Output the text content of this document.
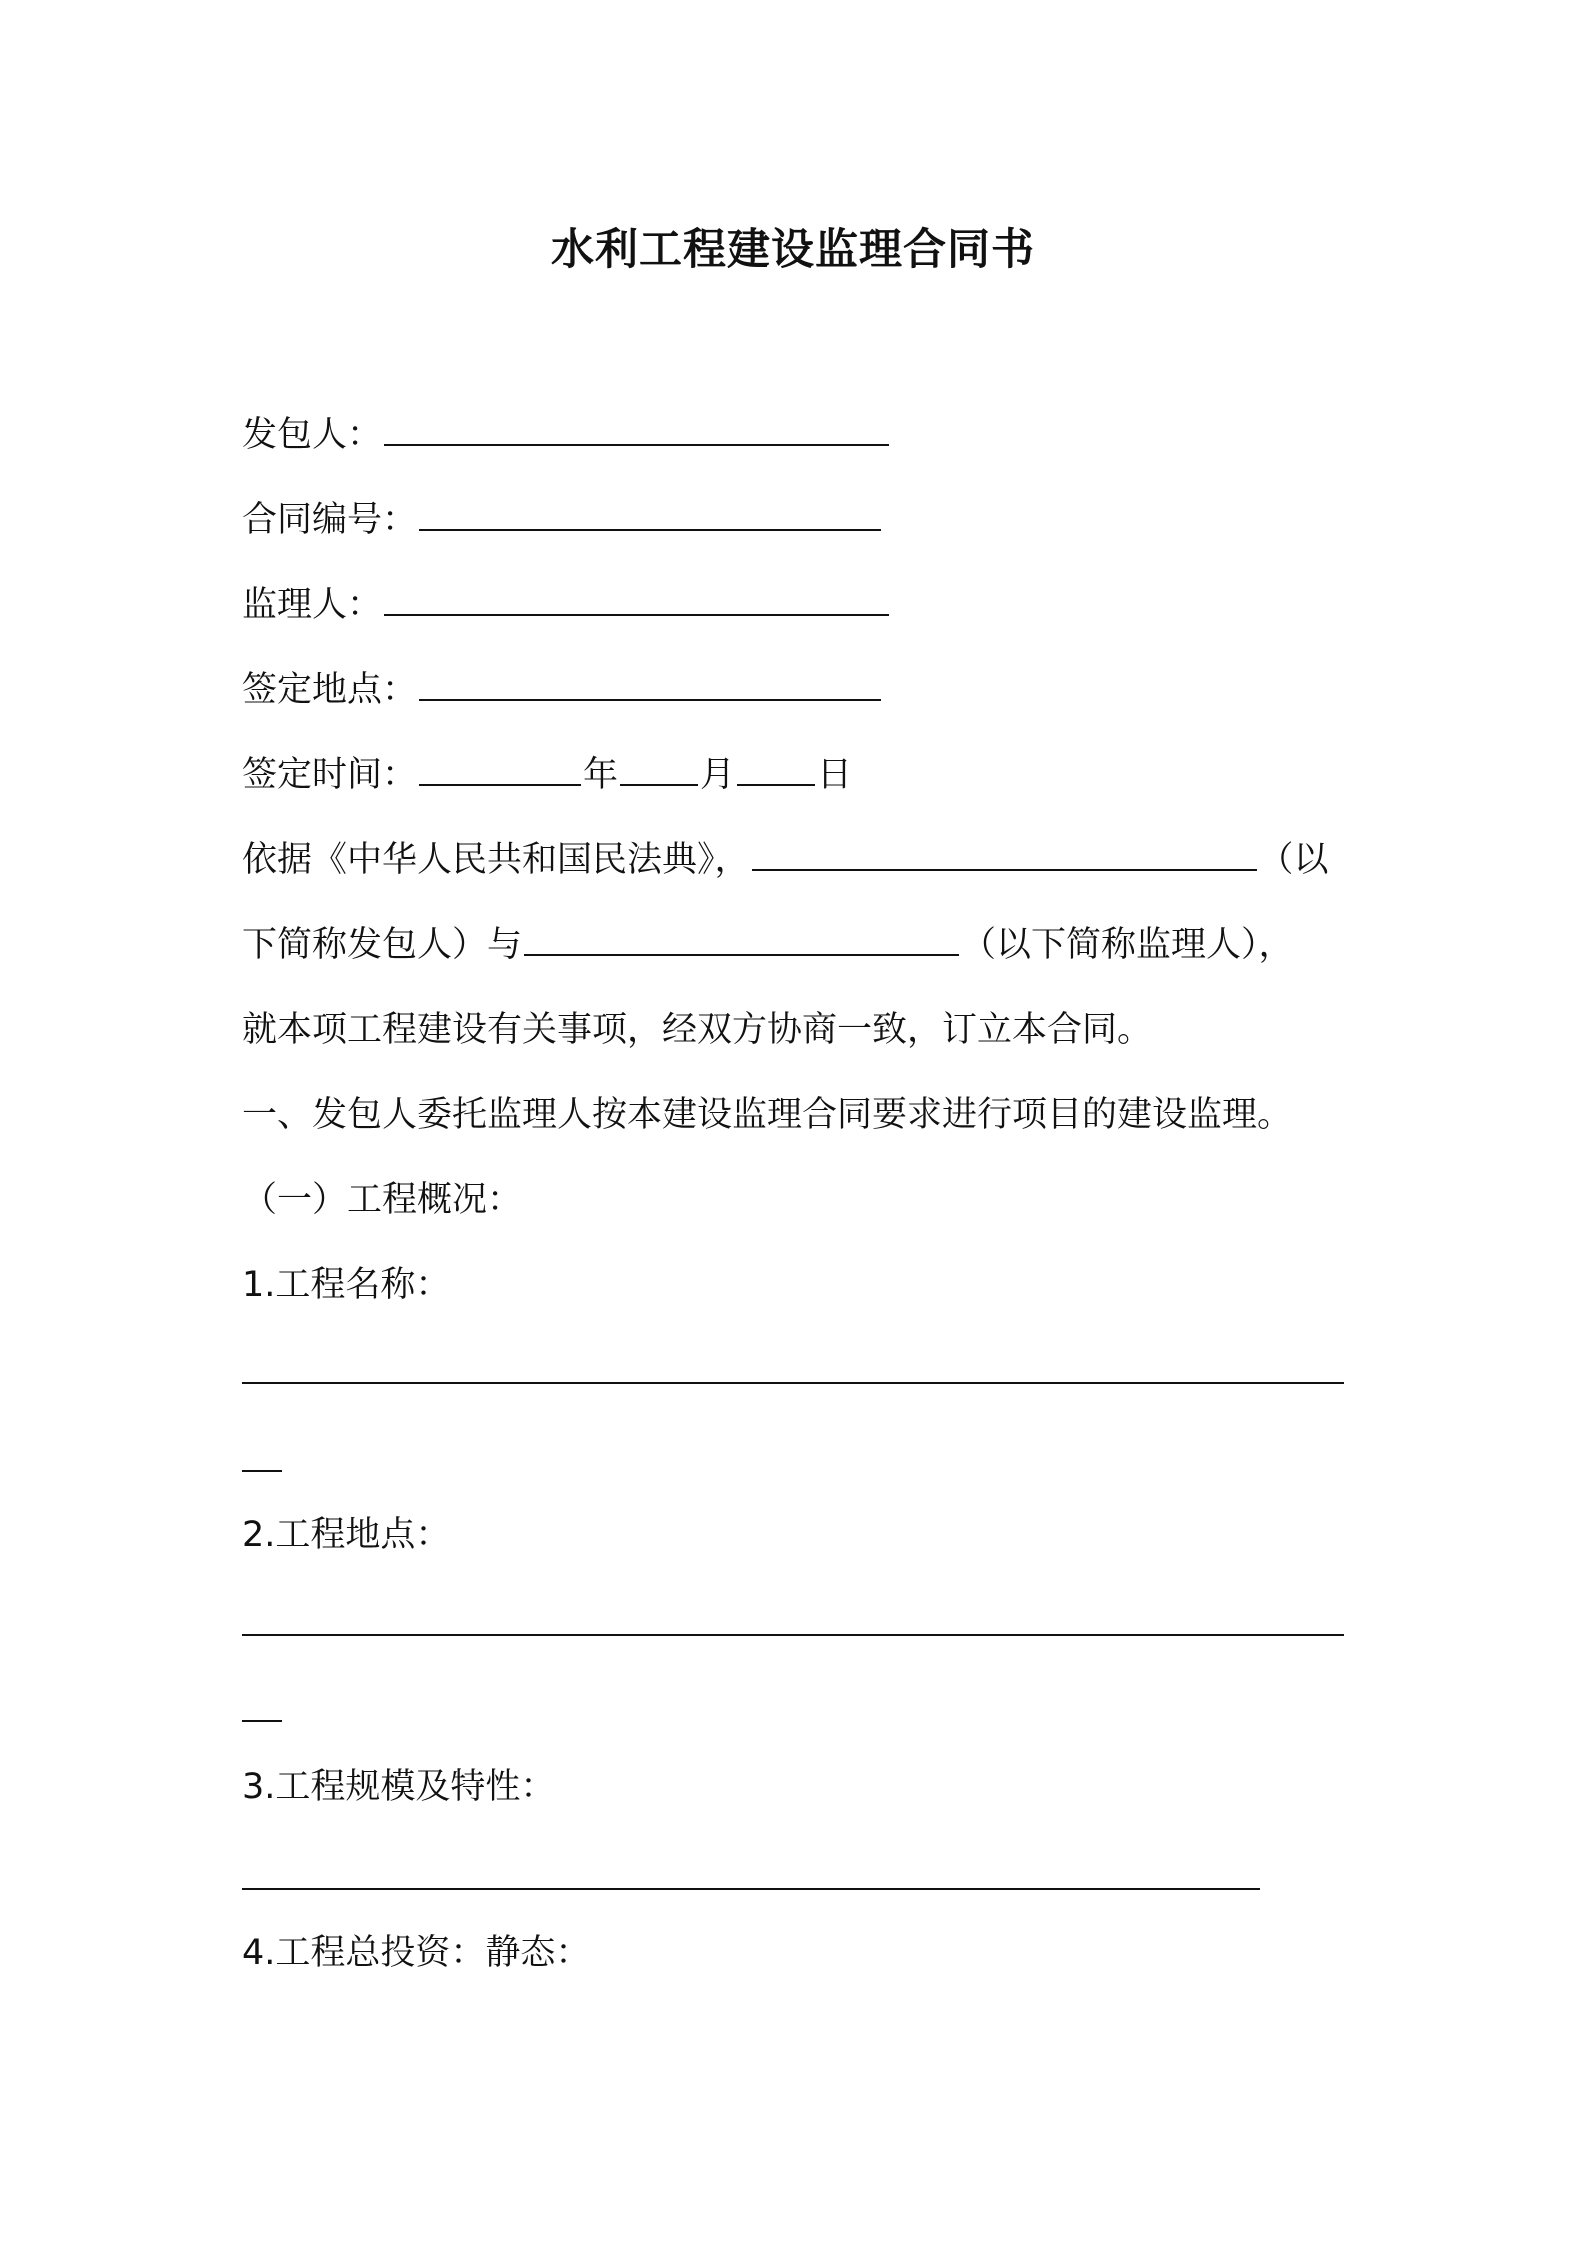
水利工程建设监理合同书
发包人：
合同编号：
监理人：
签定地点：
签定时间：	年 月 日
依据《中华人民共和国民法典》，	（以
下简称发包人）与	（以下简称监理人），
就本项工程建设有关事项，经双方协商一致，订立本合同。
一、发包人委托监理人按本建设监理合同要求进行项目的建设监理。
（一）工程概况：
1.工程名称：
2.工程地点：
3.工程规模及特性：
4.工程总投资：静态：
